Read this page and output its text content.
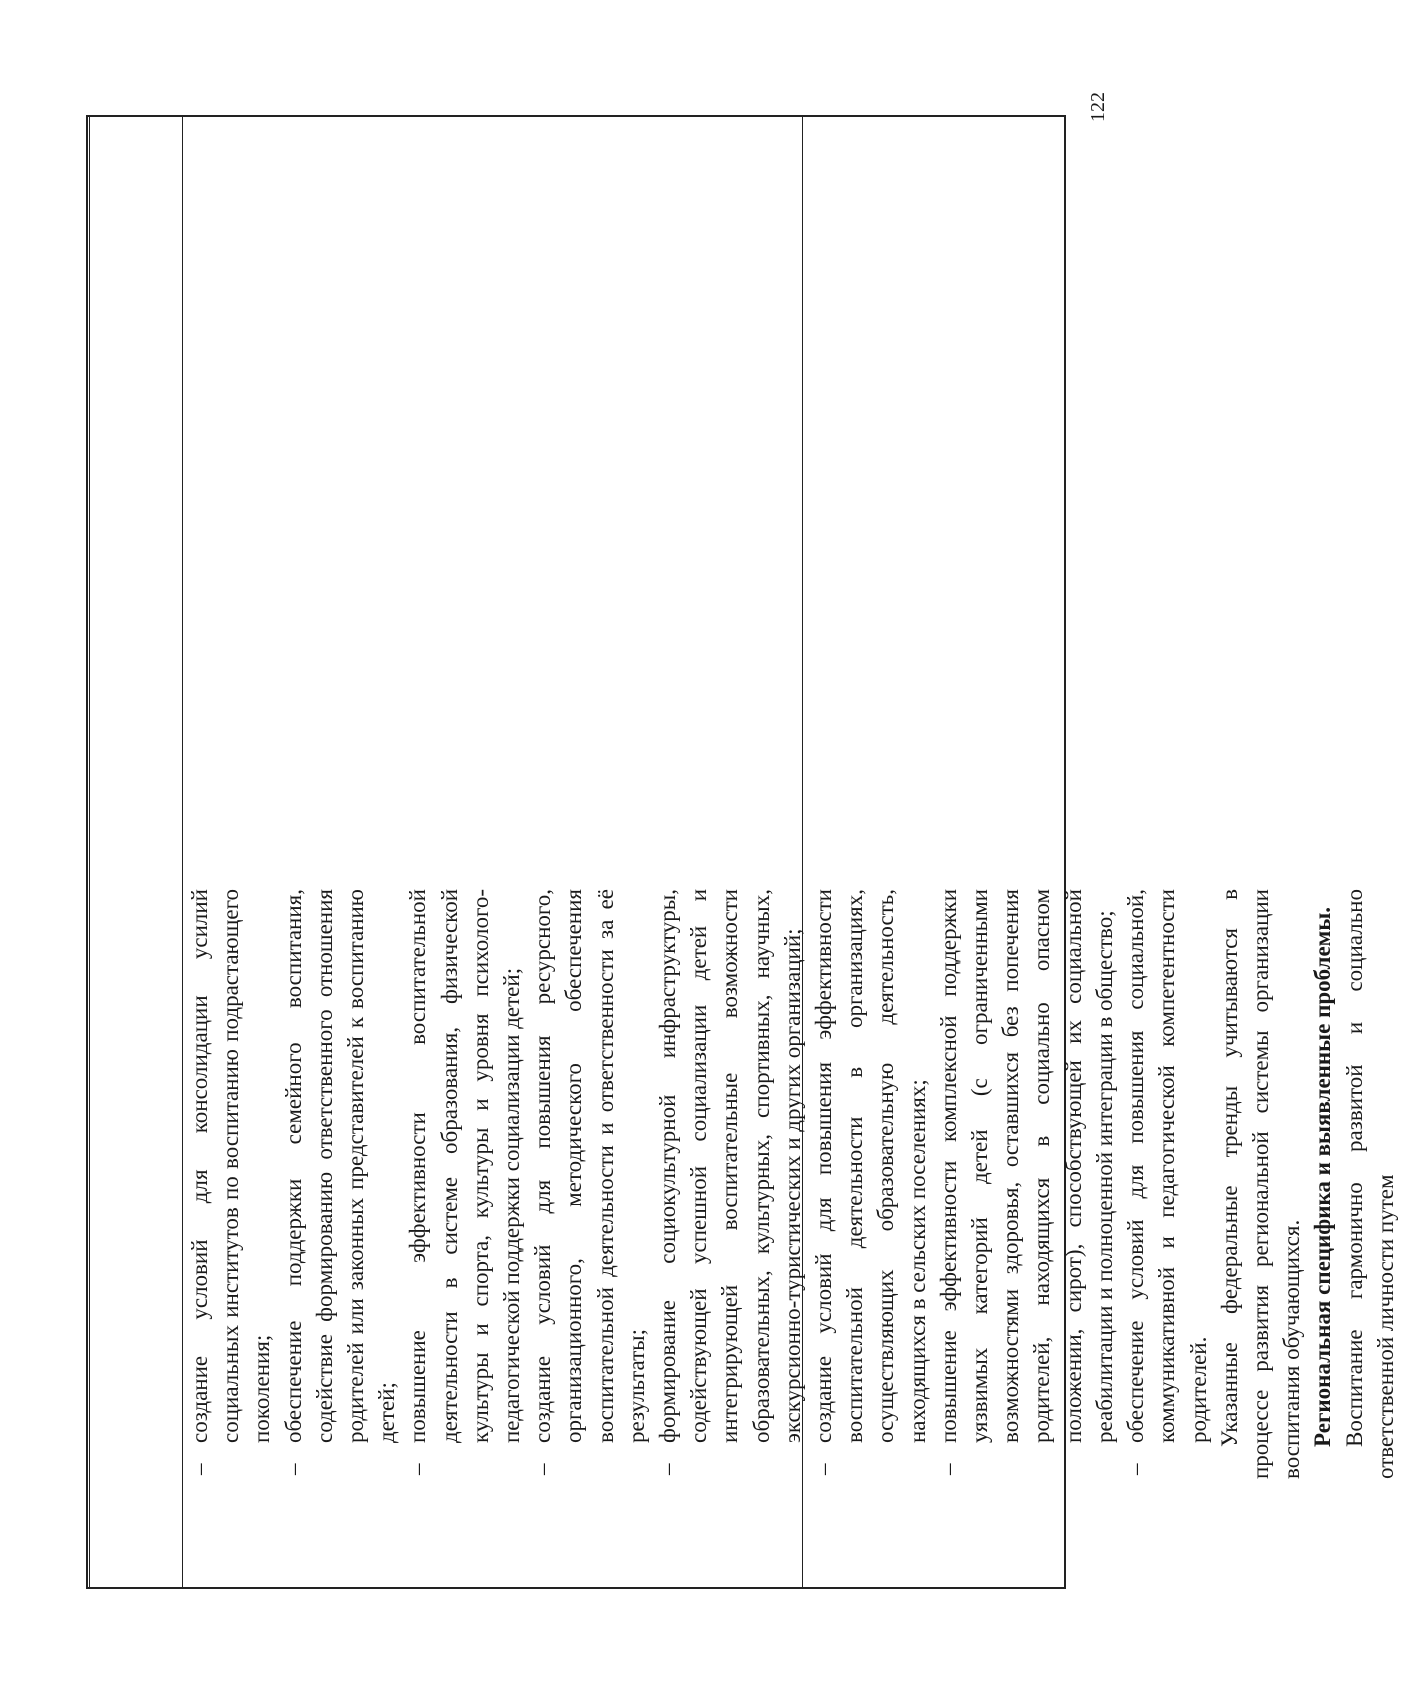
–
создание условий для консолидации усилий социальных институтов по воспитанию подрастающего поколения;
–
обеспечение поддержки семейного воспитания, содействие формированию ответственного отношения родителей или законных представителей к воспитанию детей;
–
повышение эффективности воспитательной деятельности в системе образования, физической культуры и спорта, культуры и уровня психолого-педагогической поддержки социализации детей;
–
создание условий для повышения ресурсного, организационного, методического обеспечения воспитательной деятельности и ответственности за её результаты;
–
формирование социокультурной инфраструктуры, содействующей успешной социализации детей и интегрирующей воспитательные возможности образовательных, культурных, спортивных, научных, экскурсионно-туристических и других организаций;
–
создание условий для повышения эффективности воспитательной деятельности в организациях, осуществляющих образовательную деятельность, находящихся в сельских поселениях;
–
повышение эффективности комплексной поддержки уязвимых категорий детей (с ограниченными возможностями здоровья, оставшихся без попечения родителей, находящихся в социально опасном положении, сирот), способствующей их социальной реабилитации и полноценной интеграции в общество;
–
обеспечение условий для повышения социальной, коммуникативной и педагогической компетентности родителей. Указанные федеральные тренды учитываются в процессе развития региональной системы организации воспитания обучающихся. Региональная специфика и выявленные проблемы. Воспитание гармонично развитой и социально ответственной личности путем
122
